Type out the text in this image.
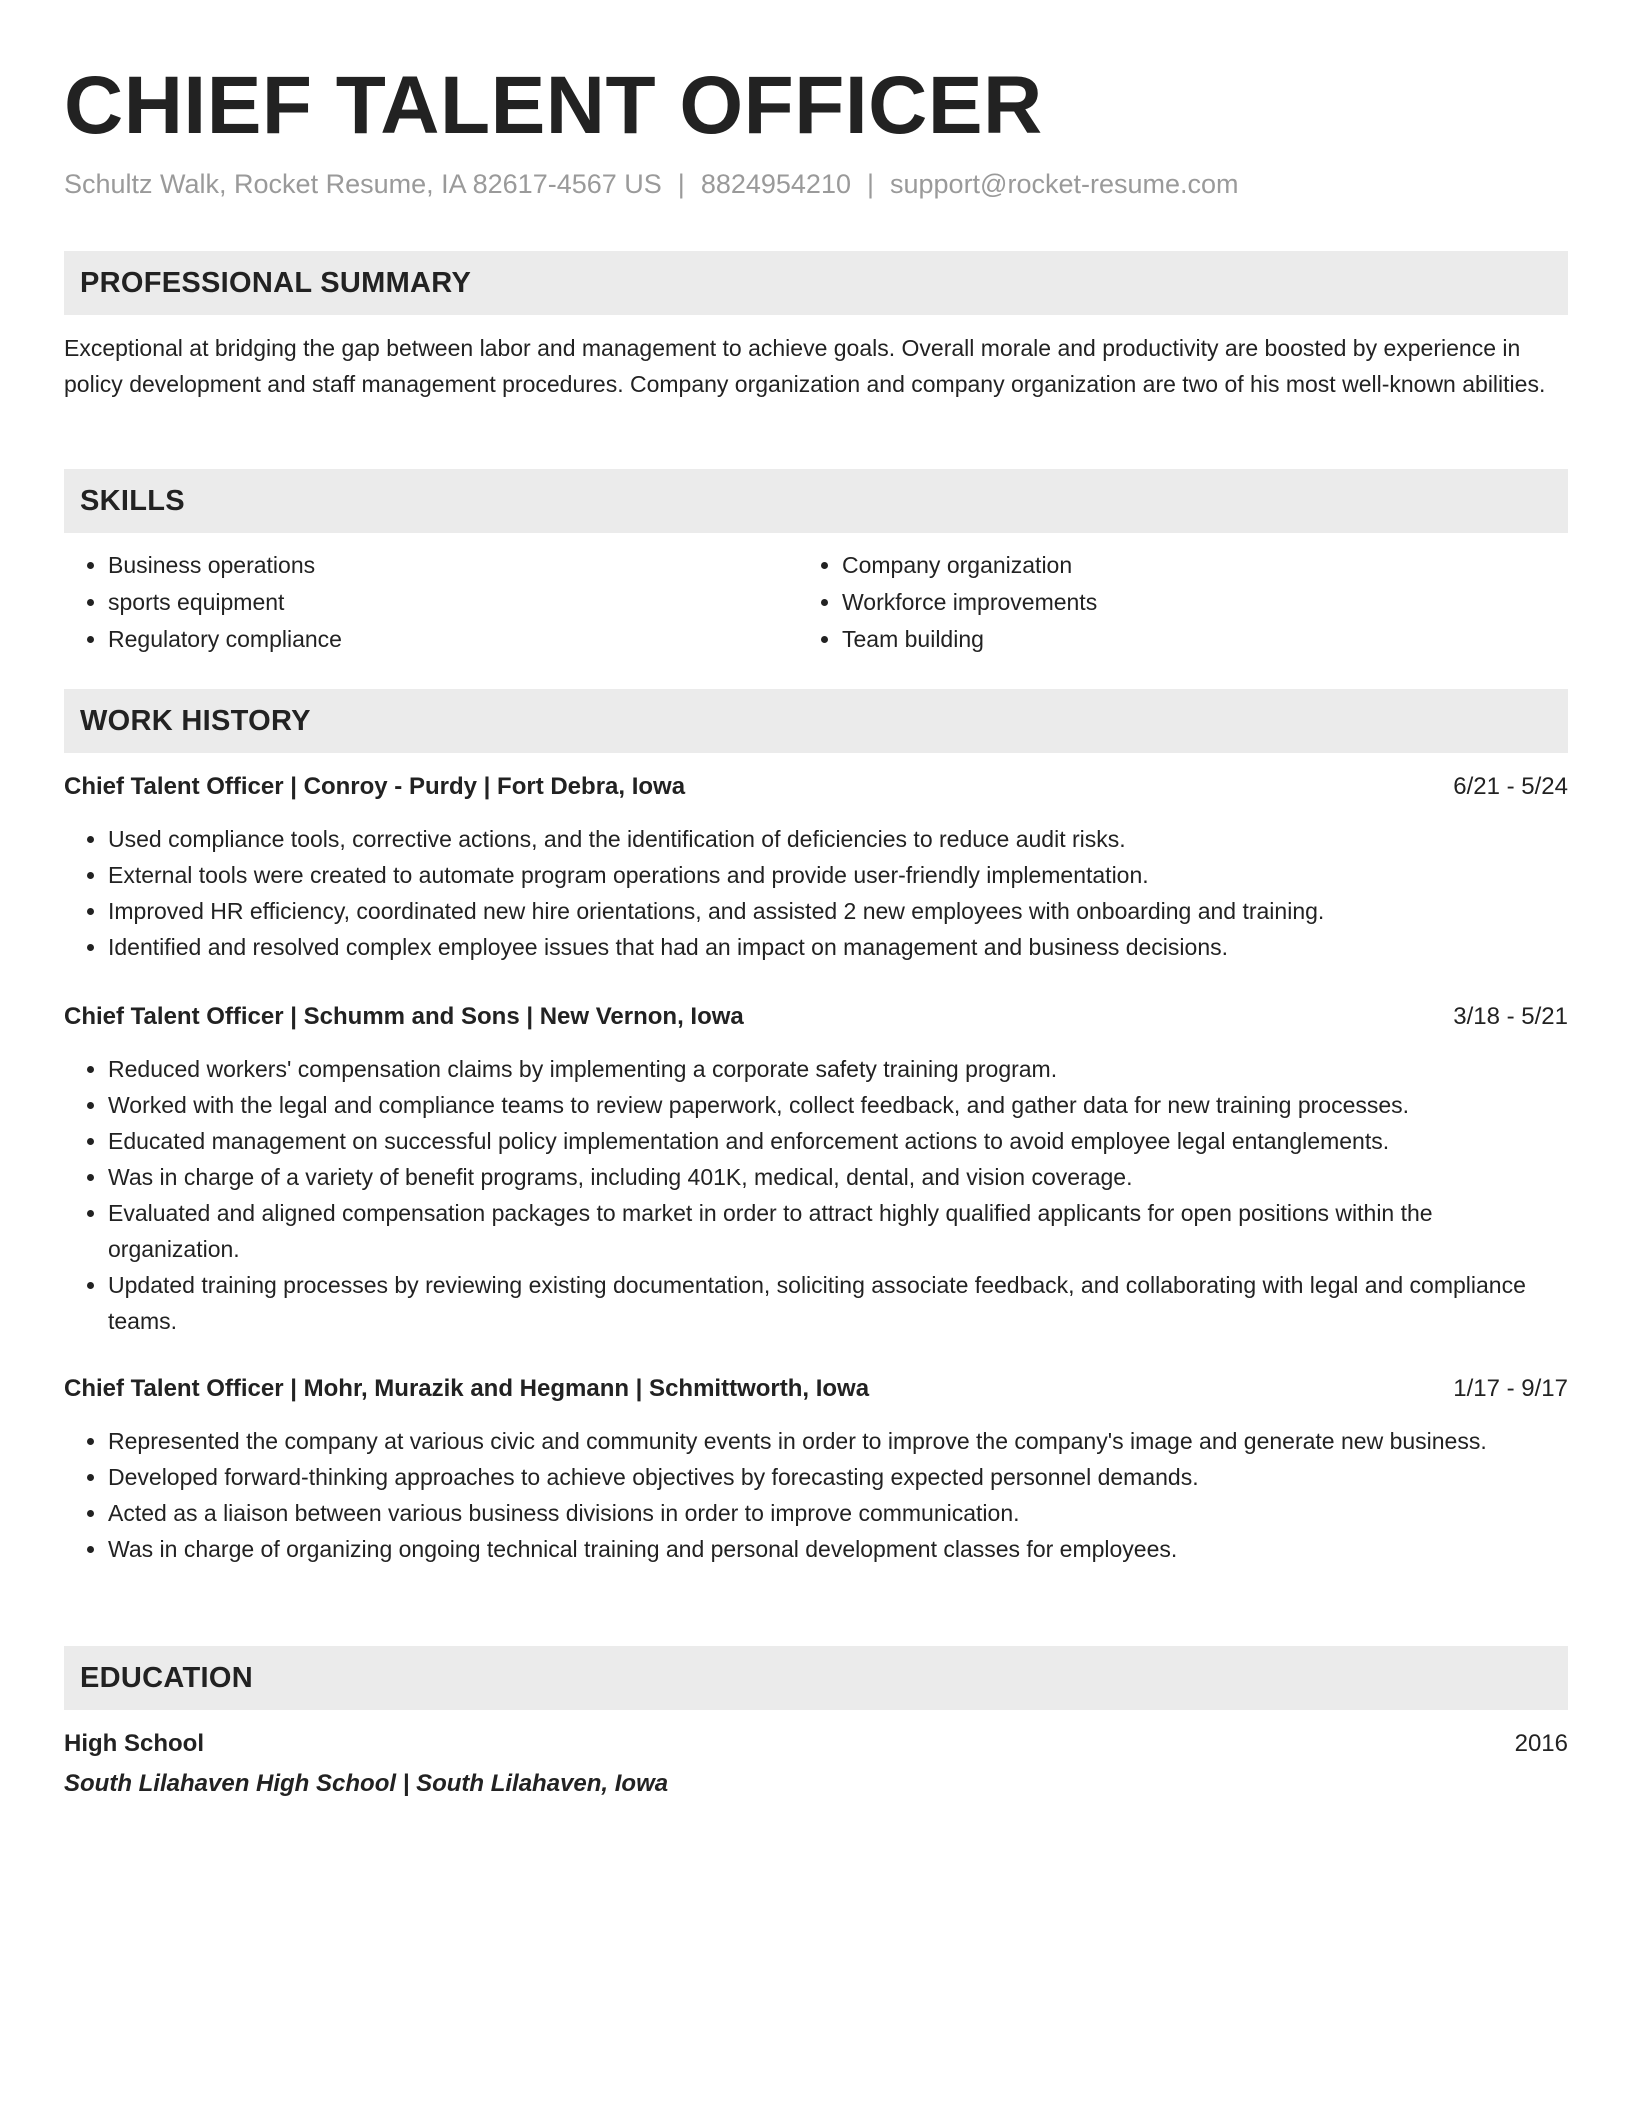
CHIEF TALENT OFFICER
Schultz Walk, Rocket Resume, IA 82617-4567 US | 8824954210 | support@rocket-resume.com
PROFESSIONAL SUMMARY

Exceptional at bridging the gap between labor and management to achieve goals. Overall morale and productivity are boosted by experience in policy development and staff management procedures. Company organization and company organization are two of his most well-known abilities.

SKILLS
• Business operations
• sports equipment
• Regulatory compliance
• Company organization
• Workforce improvements
• Team building
WORK HISTORY
Chief Talent Officer | Conroy - Purdy | Fort Debra, Iowa	6/21 - 5/24
• Used compliance tools, corrective actions, and the identification of deficiencies to reduce audit risks.
• External tools were created to automate program operations and provide user-friendly implementation.
• Improved HR efficiency, coordinated new hire orientations, and assisted 2 new employees with onboarding and training.
• Identified and resolved complex employee issues that had an impact on management and business decisions.
Chief Talent Officer | Schumm and Sons | New Vernon, Iowa	3/18 - 5/21
• Reduced workers' compensation claims by implementing a corporate safety training program.
• Worked with the legal and compliance teams to review paperwork, collect feedback, and gather data for new training processes.
• Educated management on successful policy implementation and enforcement actions to avoid employee legal entanglements.
• Was in charge of a variety of benefit programs, including 401K, medical, dental, and vision coverage.
• Evaluated and aligned compensation packages to market in order to attract highly qualified applicants for open positions within the organization.
• Updated training processes by reviewing existing documentation, soliciting associate feedback, and collaborating with legal and compliance teams.
Chief Talent Officer | Mohr, Murazik and Hegmann | Schmittworth, Iowa	1/17 - 9/17
• Represented the company at various civic and community events in order to improve the company's image and generate new business.
• Developed forward-thinking approaches to achieve objectives by forecasting expected personnel demands.
• Acted as a liaison between various business divisions in order to improve communication.
• Was in charge of organizing ongoing technical training and personal development classes for employees.
EDUCATION
High School	2016
South Lilahaven High School | South Lilahaven, Iowa
